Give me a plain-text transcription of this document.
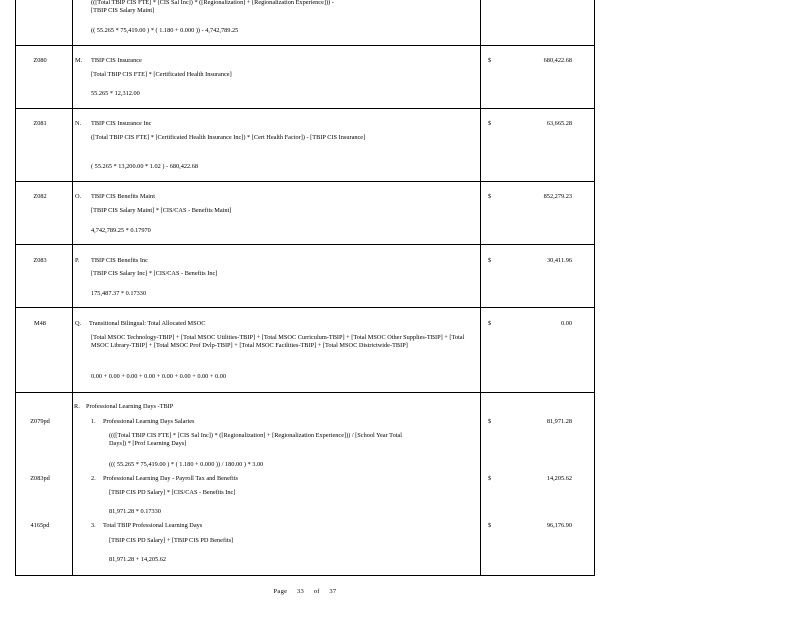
(([Total TBIP CIS FTE] * [CIS Sal Inc]) * ([Regionalization] + [Regionalization Experience])) -
[TBIP CIS Salary Maint]
(( 55.265 * 75,419.00 ) * ( 1.180 + 0.000 )) - 4,742,789.25
Z080	M. TBIP CIS Insurance
[Total TBIP CIS FTE] * [Certificated Health Insurance]
55.265 * 12,312.00
$	680,422.68
Z081	N. TBIP CIS Insurance Inc
([Total TBIP CIS FTE] * [Certificated Health Insurance Inc]) * [Cert Health Factor]) - [TBIP CIS Insurance]
( 55.265 * 13,200.00 * 1.02 ) - 680,422.68
$	63,665.28
Z082	O. TBIP CIS Benefits Maint
[TBIP CIS Salary Maint] * [CIS/CAS - Benefits Maint]
4,742,789.25 * 0.17970
$	852,279.23
Z083	P. TBIP CIS Benefits Inc
[TBIP CIS Salary Inc] * [CIS/CAS - Benefits Inc]
175,487.37 * 0.17330
$	30,411.96
M48	Q. Transitional Bilingual: Total Allocated MSOC
[Total MSOC Technology-TBIP] + [Total MSOC Utilities-TBIP] + [Total MSOC Curriculum-TBIP] + [Total MSOC Other Supplies-TBIP] + [Total MSOC Library-TBIP] + [Total MSOC Prof Dvlp-TBIP] + [Total MSOC Facilities-TBIP] + [Total MSOC Districtwide-TBIP]
0.00 + 0.00 + 0.00 + 0.00 + 0.00 + 0.00 + 0.00 + 0.00
$	0.00
R. Professional Learning Days -TBIP
Z079pd	1. Professional Learning Days Salaries
((([Total TBIP CIS FTE] * [CIS Sal Inc]) * ([Regionalization] + [Regionalization Experience])) / [School Year Total Days]) * [Prof Learning Days]
((( 55.265 * 75,419.00 ) * ( 1.180 + 0.000 )) / 180.00 ) * 3.00
$	81,971.28
Z083pd	2. Professional Learning Day - Payroll Tax and Benefits
[TBIP CIS PD Salary] * [CIS/CAS - Benefits Inc]
81,971.28 * 0.17330
$	14,205.62
4165pd	3. Total TBIP Professional Learning Days
[TBIP CIS PD Salary] + [TBIP CIS PD Benefits]
81,971.28 + 14,205.62
$	96,176.90
Page 33 of 37
